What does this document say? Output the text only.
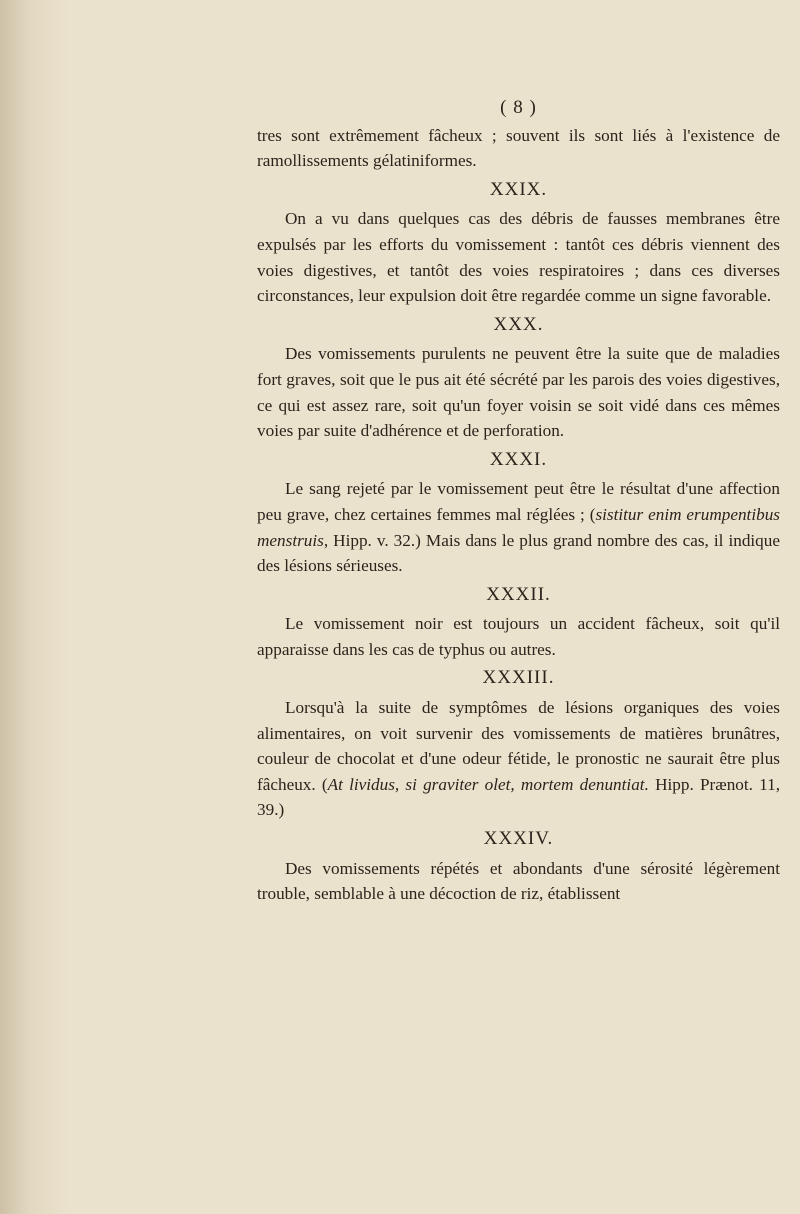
( 8 )

tres sont extrêmement fâcheux ; souvent ils sont liés à l'existence de ramollissements gélatiniformes.

XXIX.

On a vu dans quelques cas des débris de fausses membranes être expulsés par les efforts du vomissement : tantôt ces débris viennent des voies digestives, et tantôt des voies respiratoires ; dans ces diverses circonstances, leur expulsion doit être regardée comme un signe favorable.

XXX.

Des vomissements purulents ne peuvent être la suite que de maladies fort graves, soit que le pus ait été sécrété par les parois des voies digestives, ce qui est assez rare, soit qu'un foyer voisin se soit vidé dans ces mêmes voies par suite d'adhérence et de perforation.

XXXI.

Le sang rejeté par le vomissement peut être le résultat d'une affection peu grave, chez certaines femmes mal réglées ; (sistitur enim erumpentibus menstruis, Hipp. v. 32.) Mais dans le plus grand nombre des cas, il indique des lésions sérieuses.

XXXII.

Le vomissement noir est toujours un accident fâcheux, soit qu'il apparaisse dans les cas de typhus ou autres.

XXXIII.

Lorsqu'à la suite de symptômes de lésions organiques des voies alimentaires, on voit survenir des vomissements de matières brunâtres, couleur de chocolat et d'une odeur fétide, le pronostic ne saurait être plus fâcheux. (At lividus, si graviter olet, mortem denuntiat. Hipp. Prænot. 11, 39.)

XXXIV.

Des vomissements répétés et abondants d'une sérosité légèrement trouble, semblable à une décoction de riz, établissent
